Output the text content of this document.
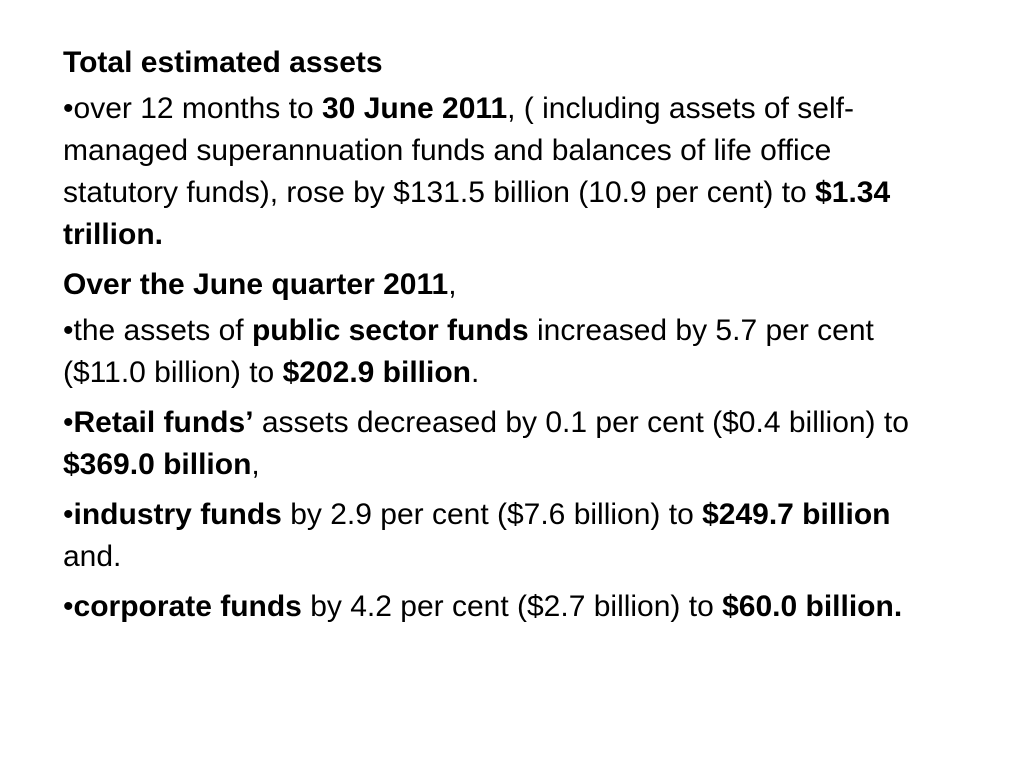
Total estimated assets

•over 12 months to 30 June 2011, ( including assets of self-managed superannuation funds and balances of life office statutory funds), rose by $131.5 billion (10.9 per cent) to $1.34 trillion.

Over the June quarter 2011,

•the assets of public sector funds increased by 5.7 per cent ($11.0 billion) to $202.9 billion.

•Retail funds’ assets decreased by 0.1 per cent ($0.4 billion) to $369.0 billion,

•industry funds by 2.9 per cent ($7.6 billion) to $249.7 billion and.

•corporate funds by 4.2 per cent ($2.7 billion) to $60.0 billion.
